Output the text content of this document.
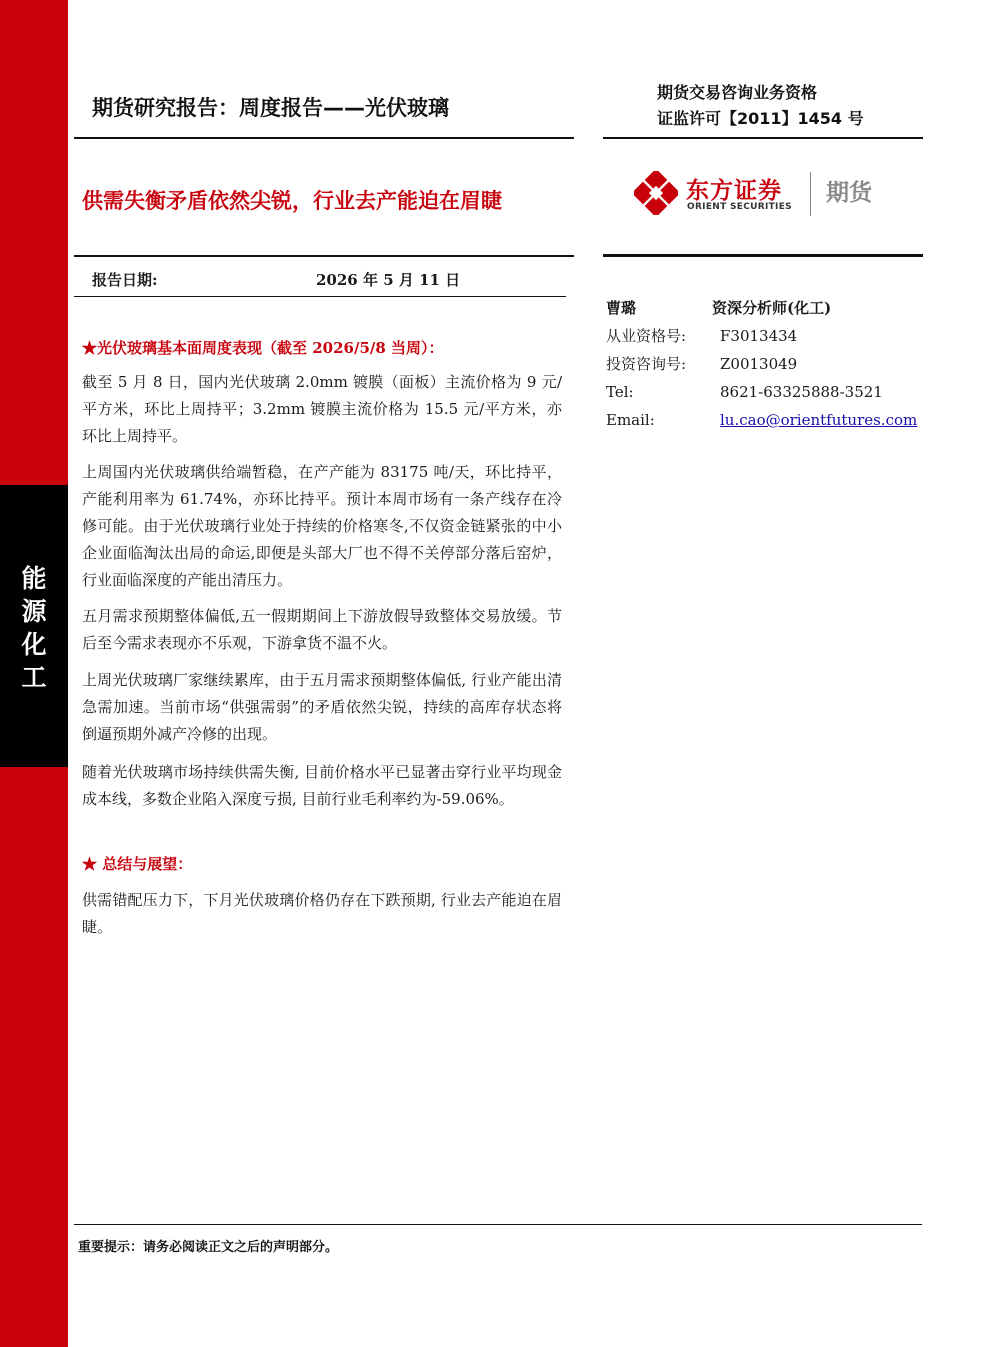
能
源
化
工
期货研究报告：周度报告——光伏玻璃
期货交易咨询业务资格
证监许可【2011】1454 号
供需失衡矛盾依然尖锐，行业去产能迫在眉睫	东方证券
ORIENT SECURITIES
期货
报告日期:	2026 年 5 月 11 日
曹璐	资深分析师(化工)
从业资格号: F3013434
投资咨询号: Z0013049
Tel:	8621-63325888-3521
Email:	lu.cao@orientfutures.com
★光伏玻璃基本面周度表现（截至 2026/5/8 当周）：
截至 5 月 8 日，国内光伏玻璃 2.0mm 镀膜（面板）主流价格为 9 元/平方米，环比上周持平；3.2mm 镀膜主流价格为 15.5 元/平方米，亦环比上周持平。
上周国内光伏玻璃供给端暂稳，在产产能为 83175 吨/天，环比持平，产能利用率为 61.74%，亦环比持平。预计本周市场有一条产线存在冷修可能。由于光伏玻璃行业处于持续的价格寒冬,不仅资金链紧张的中小企业面临淘汰出局的命运,即便是头部大厂也不得不关停部分落后窑炉，行业面临深度的产能出清压力。
五月需求预期整体偏低,五一假期期间上下游放假导致整体交易放缓。节后至今需求表现亦不乐观，下游拿货不温不火。
上周光伏玻璃厂家继续累库，由于五月需求预期整体偏低, 行业产能出清急需加速。当前市场“供强需弱”的矛盾依然尖锐，持续的高库存状态将倒逼预期外减产冷修的出现。
随着光伏玻璃市场持续供需失衡, 目前价格水平已显著击穿行业平均现金成本线，多数企业陷入深度亏损, 目前行业毛利率约为-59.06%。
★ 总结与展望：
供需错配压力下，下月光伏玻璃价格仍存在下跌预期, 行业去产能迫在眉睫。
重要提示：请务必阅读正文之后的声明部分。
